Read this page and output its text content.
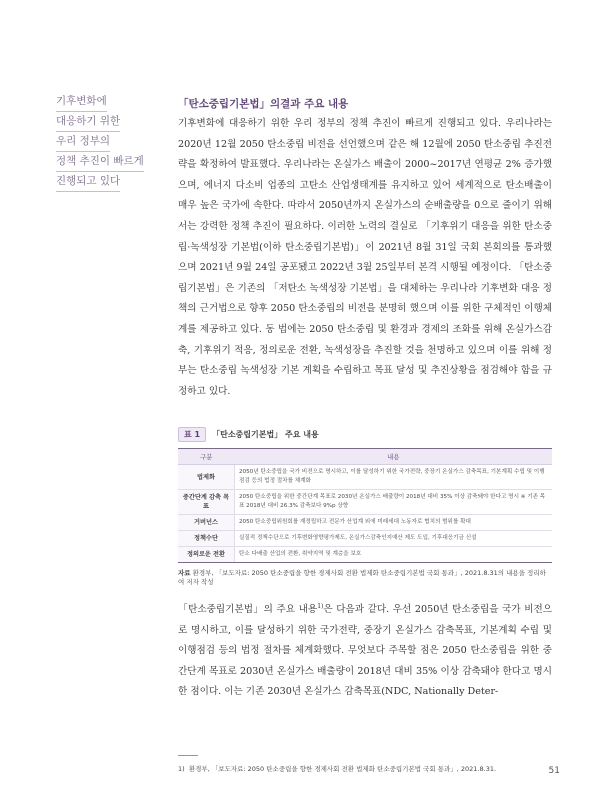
기후변화에
대응하기 위한
우리 정부의
정책 추진이 빠르게
진행되고 있다

「탄소중립기본법」의결과 주요 내용

기후변화에 대응하기 위한 우리 정부의 정책 추진이 빠르게 진행되고 있다. 우리나라는 2020년 12월 2050 탄소중립 비전을 선언했으며 같은 해 12월에 2050 탄소중립 추진전략을 확정하여 발표했다. 우리나라는 온실가스 배출이 2000~2017년 연평균 2% 증가했으며, 에너지 다소비 업종의 고탄소 산업생태계를 유지하고 있어 세계적으로 탄소배출이 매우 높은 국가에 속한다. 따라서 2050년까지 온실가스의 순배출량을 0으로 줄이기 위해서는 강력한 정책 추진이 필요하다. 이러한 노력의 결실로 「기후위기 대응을 위한 탄소중립·녹색성장 기본법(이하 탄소중립기본법)」이 2021년 8월 31일 국회 본회의를 통과했으며 2021년 9월 24일 공포됐고 2022년 3월 25일부터 본격 시행될 예정이다. 「탄소중립기본법」은 기존의 「저탄소 녹색성장 기본법」을 대체하는 우리나라 기후변화 대응 정책의 근거법으로 향후 2050 탄소중립의 비전을 분명히 했으며 이를 위한 구체적인 이행체계를 제공하고 있다. 동 법에는 2050 탄소중립 및 환경과 경제의 조화를 위해 온실가스감축, 기후위기 적응, 정의로운 전환, 녹색성장을 추진할 것을 천명하고 있으며 이를 위해 정부는 탄소중립 녹색성장 기본 계획을 수립하고 목표 달성 및 추진상황을 점검해야 함을 규정하고 있다.

표 1	「탄소중립기본법」 주요 내용
구분	내용
법제화	2050년 탄소중립을 국가 비전으로 명시하고, 이를 달성하기 위한 국가전략, 중장기 온실가스 감축목표, 기본계획 수립 및 이행점검 등의 법정 절차를 체계화
중간단계 감축 목표	2050 탄소중립을 위한 중간단계 목표로 2030년 온실가스 배출량이 2018년 대비 35% 이상 감축돼야 한다고 명시 ※ 기존 목표 2018년 대비 26.3% 감축보다 9%p 상향
거버넌스	2050 탄소중립위원회를 재정립하고 전문가 산업계 외에 미래세대 노동자로 협치의 범위를 확대
정책수단	실질적 정책수단으로 기후변화영향평가제도, 온실가스감축인지예산 제도 도입, 기후대응기금 신설
정의로운 전환	탄소 다배출 산업의 전환, 취약지역 및 계층을 보호
자료 환경부, 「보도자료: 2050 탄소중립을 향한 경제사회 전환 법제화 탄소중립기본법 국회 통과」, 2021.8.31의 내용을 정리하여 저자 작성

「탄소중립기본법」의 주요 내용$^{1)}$은 다음과 같다. 우선 2050년 탄소중립을 국가 비전으로 명시하고, 이를 달성하기 위한 국가전략, 중장기 온실가스 감축목표, 기본계획 수립 및 이행점검 등의 법정 절차를 체계화했다. 무엇보다 주목할 점은 2050 탄소중립을 위한 중간단계 목표로 2030년 온실가스 배출량이 2018년 대비 35% 이상 감축돼야 한다고 명시한 점이다. 이는 기존 2030년 온실가스 감축목표(NDC, Nationally Deter-

1) 환경부, 「보도자료: 2050 탄소중립을 향한 경제사회 전환 법제화 탄소중립기본법 국회 통과」, 2021.8.31.	51
